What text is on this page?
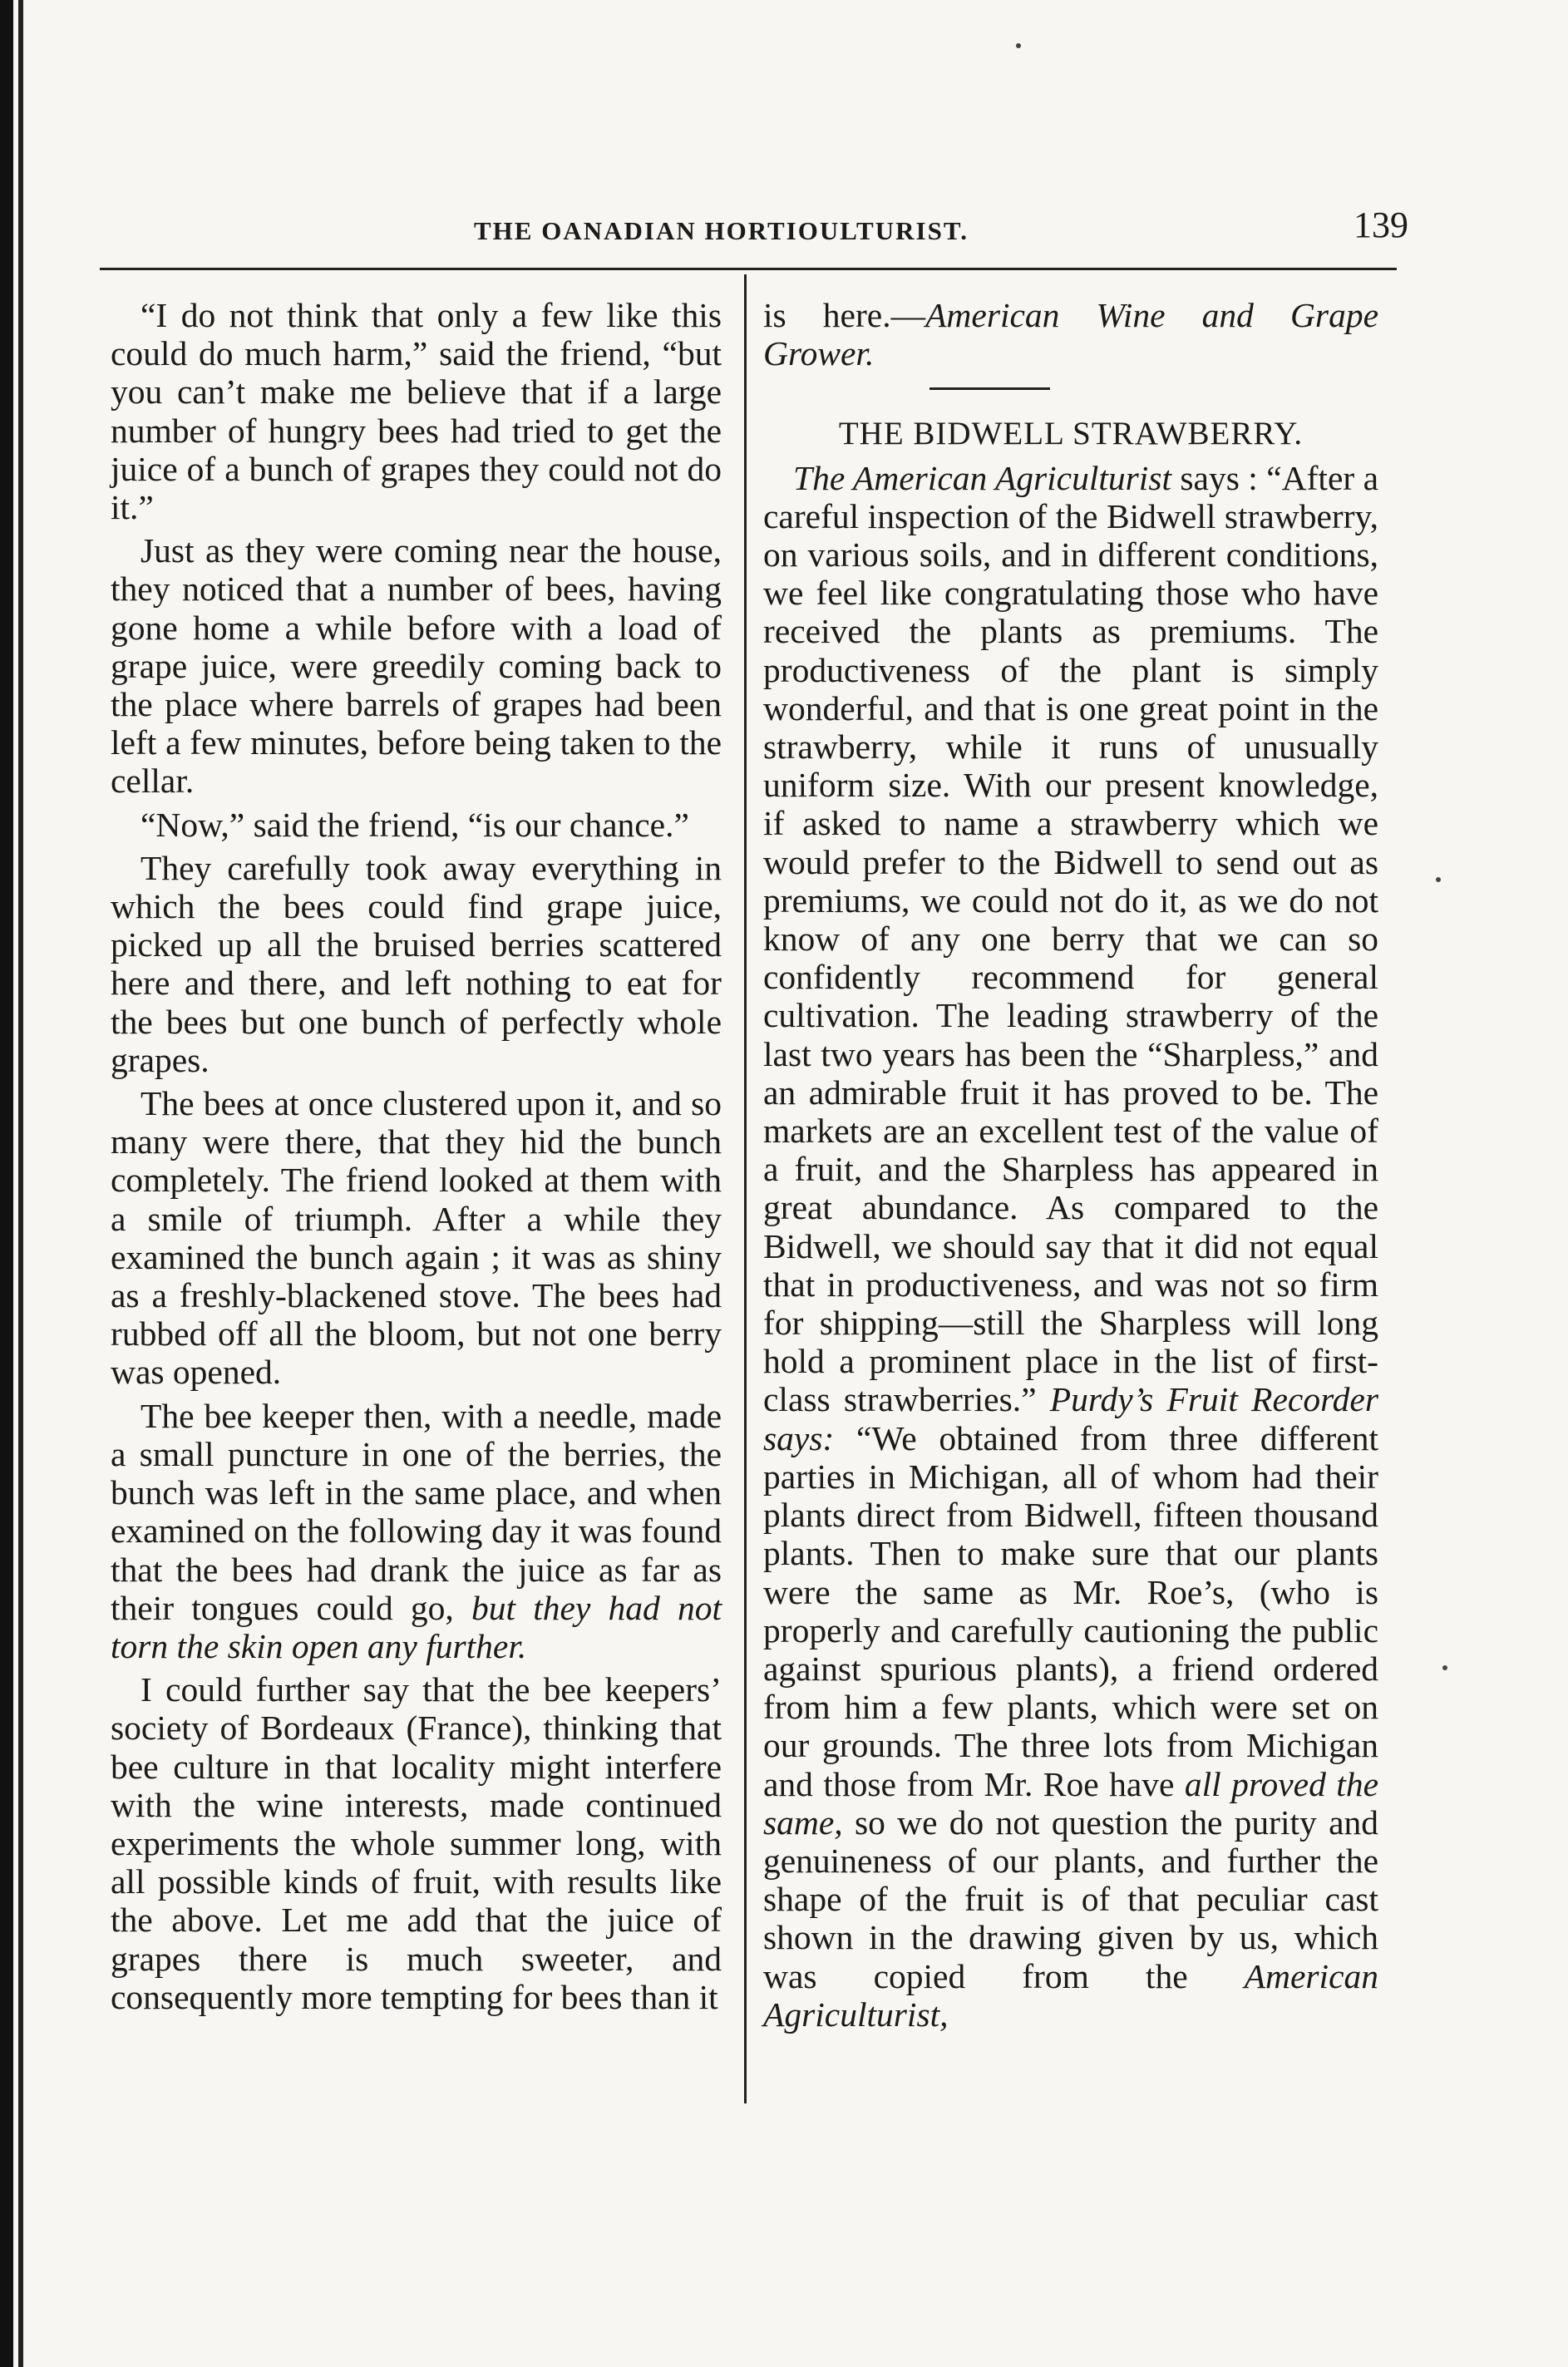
THE OANADIAN HORTIOULTURIST.	139

“I do not think that only a few like this could do much harm,” said the friend, “but you can’t make me believe that if a large number of hungry bees had tried to get the juice of a bunch of grapes they could not do it.”

Just as they were coming near the house, they noticed that a number of bees, having gone home a while before with a load of grape juice, were greedily coming back to the place where barrels of grapes had been left a few minutes, before being taken to the cellar.

“Now,” said the friend, “is our chance.”

They carefully took away everything in which the bees could find grape juice, picked up all the bruised berries scattered here and there, and left nothing to eat for the bees but one bunch of perfectly whole grapes.

The bees at once clustered upon it, and so many were there, that they hid the bunch completely. The friend looked at them with a smile of triumph. After a while they examined the bunch again ; it was as shiny as a freshly-blackened stove. The bees had rubbed off all the bloom, but not one berry was opened.

The bee keeper then, with a needle, made a small puncture in one of the berries, the bunch was left in the same place, and when examined on the following day it was found that the bees had drank the juice as far as their tongues could go, but they had not torn the skin open any further.

I could further say that the bee keepers’ society of Bordeaux (France), thinking that bee culture in that locality might interfere with the wine interests, made continued experiments the whole summer long, with all possible kinds of fruit, with results like the above. Let me add that the juice of grapes there is much sweeter, and consequently more tempting for bees than it

is here.—American Wine and Grape Grower.

THE BIDWELL STRAWBERRY.

The American Agriculturist says : “After a careful inspection of the Bidwell strawberry, on various soils, and in different conditions, we feel like congratulating those who have received the plants as premiums. The productiveness of the plant is simply wonderful, and that is one great point in the strawberry, while it runs of unusually uniform size. With our present knowledge, if asked to name a strawberry which we would prefer to the Bidwell to send out as premiums, we could not do it, as we do not know of any one berry that we can so confidently recommend for general cultivation. The leading strawberry of the last two years has been the “Sharpless,” and an admirable fruit it has proved to be. The markets are an excellent test of the value of a fruit, and the Sharpless has appeared in great abundance. As compared to the Bidwell, we should say that it did not equal that in productiveness, and was not so firm for shipping—still the Sharpless will long hold a prominent place in the list of first-class strawberries.” Purdy’s Fruit Recorder says: “We obtained from three different parties in Michigan, all of whom had their plants direct from Bidwell, fifteen thousand plants. Then to make sure that our plants were the same as Mr. Roe’s, (who is properly and carefully cautioning the public against spurious plants), a friend ordered from him a few plants, which were set on our grounds. The three lots from Michigan and those from Mr. Roe have all proved the same, so we do not question the purity and genuineness of our plants, and further the shape of the fruit is of that peculiar cast shown in the drawing given by us, which was copied from the American Agriculturist,
